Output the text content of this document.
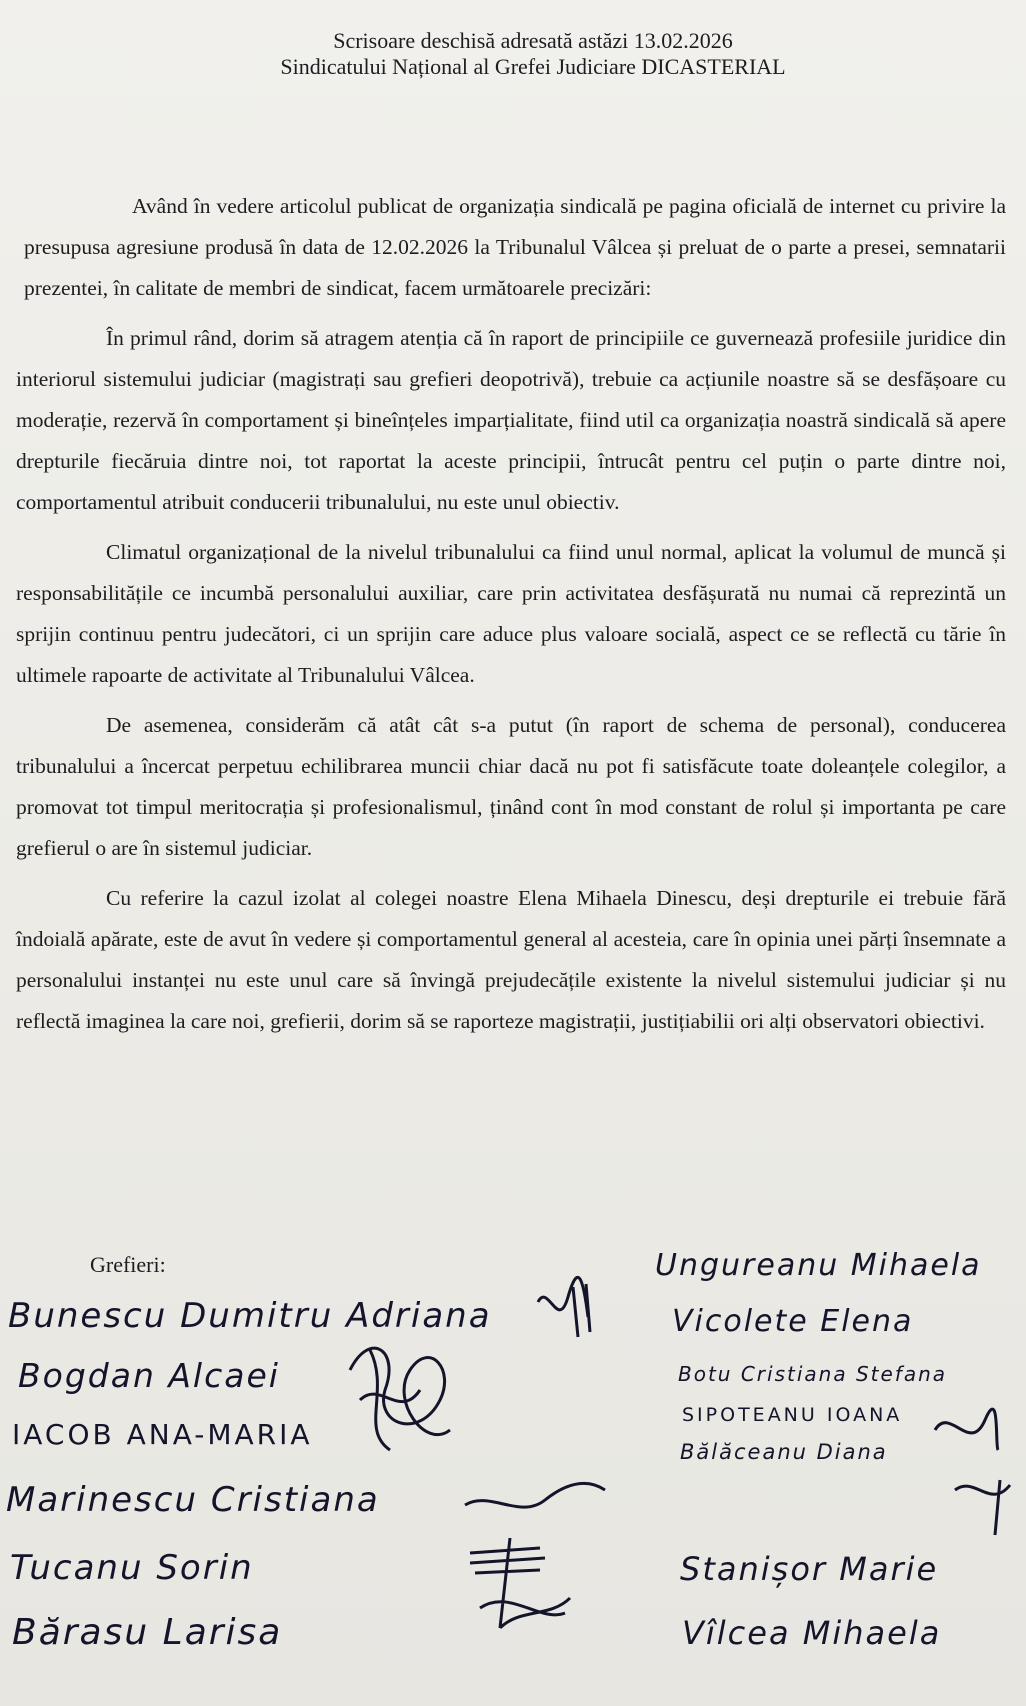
Scrisoare deschisă adresată astăzi 13.02.2026
Sindicatului Național al Grefei Judiciare DICASTERIAL

Având în vedere articolul publicat de organizația sindicală pe pagina oficială de internet cu privire la presupusa agresiune produsă în data de 12.02.2026 la Tribunalul Vâlcea și preluat de o parte a presei, semnatarii prezentei, în calitate de membri de sindicat, facem următoarele precizări:

În primul rând, dorim să atragem atenția că în raport de principiile ce guvernează profesiile juridice din interiorul sistemului judiciar (magistrați sau grefieri deopotrivă), trebuie ca acțiunile noastre să se desfășoare cu moderație, rezervă în comportament și bineînțeles imparțialitate, fiind util ca organizația noastră sindicală să apere drepturile fiecăruia dintre noi, tot raportat la aceste principii, întrucât pentru cel puțin o parte dintre noi, comportamentul atribuit conducerii tribunalului, nu este unul obiectiv.

Climatul organizațional de la nivelul tribunalului ca fiind unul normal, aplicat la volumul de muncă și responsabilitățile ce incumbă personalului auxiliar, care prin activitatea desfășurată nu numai că reprezintă un sprijin continuu pentru judecători, ci un sprijin care aduce plus valoare socială, aspect ce se reflectă cu tărie în ultimele rapoarte de activitate al Tribunalului Vâlcea.

De asemenea, considerăm că atât cât s-a putut (în raport de schema de personal), conducerea tribunalului a încercat perpetuu echilibrarea muncii chiar dacă nu pot fi satisfăcute toate doleanțele colegilor, a promovat tot timpul meritocrația și profesionalismul, ținând cont în mod constant de rolul și importanta pe care grefierul o are în sistemul judiciar.

Cu referire la cazul izolat al colegei noastre Elena Mihaela Dinescu, deși drepturile ei trebuie fără îndoială apărate, este de avut în vedere și comportamentul general al acesteia, care în opinia unei părți însemnate a personalului instanței nu este unul care să învingă prejudecățile existente la nivelul sistemului judiciar și nu reflectă imaginea la care noi, grefierii, dorim să se raporteze magistrații, justițiabilii ori alți observatori obiectivi.

Grefieri:
Bunescu Dumitru Adriana
Bogdan Alcaei
IACOB ANA-MARIA
Marinescu Cristiana
Tucanu Sorin
Bărasu Larisa
Ungureanu Mihaela
Vicolete Elena
Botu Cristiana Stefana
SIPOTEANU IOANA
Bălăceanu Diana
Stanișor Marie
Vîlcea Mihaela
